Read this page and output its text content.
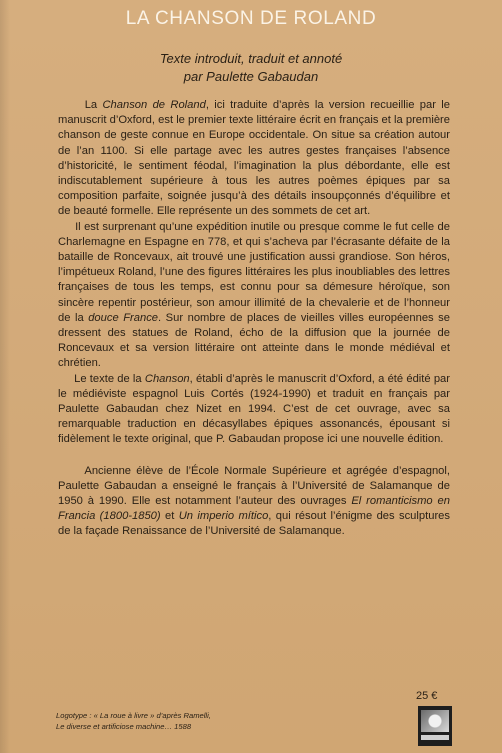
LA CHANSON DE ROLAND
Texte introduit, traduit et annoté
par Paulette Gabaudan

La Chanson de Roland, ici traduite d’après la version recueillie par le manuscrit d’Oxford, est le premier texte littéraire écrit en français et la première chanson de geste connue en Europe occidentale. On situe sa création autour de l’an 1100. Si elle partage avec les autres gestes françaises l’absence d’historicité, le sentiment féodal, l’imagination la plus débordante, elle est indiscutablement supérieure à tous les autres poèmes épiques par sa composition parfaite, soignée jusqu’à des détails insoupçonnés d’équilibre et de beauté formelle. Elle représente un des sommets de cet art.

Il est surprenant qu’une expédition inutile ou presque comme le fut celle de Charlemagne en Espagne en 778, et qui s’acheva par l’écrasante défaite de la bataille de Roncevaux, ait trouvé une justification aussi grandiose. Son héros, l’impétueux Roland, l’une des figures littéraires les plus inoubliables des lettres françaises de tous les temps, est connu pour sa démesure héroïque, son sincère repentir postérieur, son amour illimité de la chevalerie et de l’honneur de la douce France. Sur nombre de places de vieilles villes européennes se dressent des statues de Roland, écho de la diffusion que la journée de Roncevaux et sa version littéraire ont atteinte dans le monde médiéval et chrétien.

Le texte de la Chanson, établi d’après le manuscrit d’Oxford, a été édité par le médiéviste espagnol Luis Cortés (1924-1990) et traduit en français par Paulette Gabaudan chez Nizet en 1994. C’est de cet ouvrage, avec sa remarquable traduction en décasyllabes épiques assonancés, épousant si fidèlement le texte original, que P. Gabaudan propose ici une nouvelle édition.

Ancienne élève de l’École Normale Supérieure et agrégée d’espagnol, Paulette Gabaudan a enseigné le français à l’Université de Salamanque de 1950 à 1990. Elle est notamment l’auteur des ouvrages El romanticismo en Francia (1800-1850) et Un imperio mítico, qui résout l’énigme des sculptures de la façade Renaissance de l’Université de Salamanque.

25 €
Logotype : « La roue à livre » d’après Ramelli,
Le diverse et artificiose machine… 1588
